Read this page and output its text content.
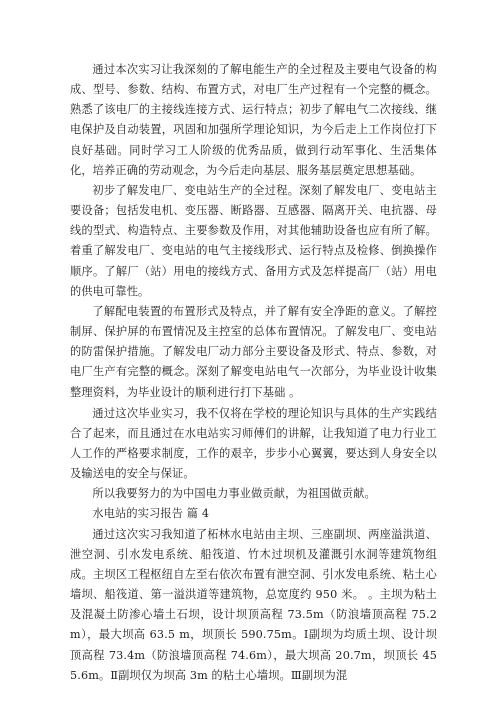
通过本次实习让我深刻的了解电能生产的全过程及主要电气设备的构成、型号、参数、结构、布置方式，对电厂生产过程有一个完整的概念。熟悉了该电厂的主接线连接方式、运行特点；初步了解电气二次接线、继电保护及自动装置，巩固和加强所学理论知识，为今后走上工作岗位打下良好基础。同时学习工人阶级的优秀品质，做到行动军事化、生活集体化，培养正确的劳动观念，为今后走向基层、服务基层奠定思想基础。

初步了解发电厂、变电站生产的全过程。深刻了解发电厂、变电站主要设备；包括发电机、变压器、断路器、互感器、隔离开关、电抗器、母线的型式、构造特点、主要参数及作用，对其他辅助设备也应有所了解。着重了解发电厂、变电站的电气主接线形式、运行特点及检修、倒换操作顺序。了解厂（站）用电的接线方式、备用方式及怎样提高厂（站）用电的供电可靠性。

了解配电装置的布置形式及特点，并了解有安全净距的意义。了解控制屏、保护屏的布置情况及主控室的总体布置情况。了解发电厂、变电站的防雷保护措施。了解发电厂动力部分主要设备及形式、特点、参数，对电厂生产有完整的概念。深刻了解变电站电气一次部分，为毕业设计收集整理资料，为毕业设计的顺利进行打下基础 。

通过这次毕业实习，我不仅将在学校的理论知识与具体的生产实践结合了起来，而且通过在水电站实习师傅们的讲解，让我知道了电力行业工人工作的严格要求制度，工作的艰辛，步步小心翼翼，要达到人身安全以及输送电的安全与保证。

所以我要努力的为中国电力事业做贡献，为祖国做贡献。

水电站的实习报告 篇 4

通过这次实习我知道了柘林水电站由主坝、三座副坝、两座溢洪道、泄空洞、引水发电系统、船筏道、竹木过坝机及灌溉引水洞等建筑物组成。主坝区工程枢纽自左至右依次布置有泄空洞、引水发电系统、粘土心墙坝、船筏道、第一溢洪道等建筑物，总宽度约 950 米。 。主坝为粘土及混凝土防渗心墙土石坝，设计坝顶高程 73.5m（防浪墙顶高程 75.2m），最大坝高 63.5 m，坝顶长 590.75m。Ⅰ副坝为均质土坝、设计坝顶高程 73.4m（防浪墙顶高程 74.6m），最大坝高 20.7m，坝顶长 455.6m。Ⅱ副坝仅为坝高 3m 的粘土心墙坝。Ⅲ副坝为混
